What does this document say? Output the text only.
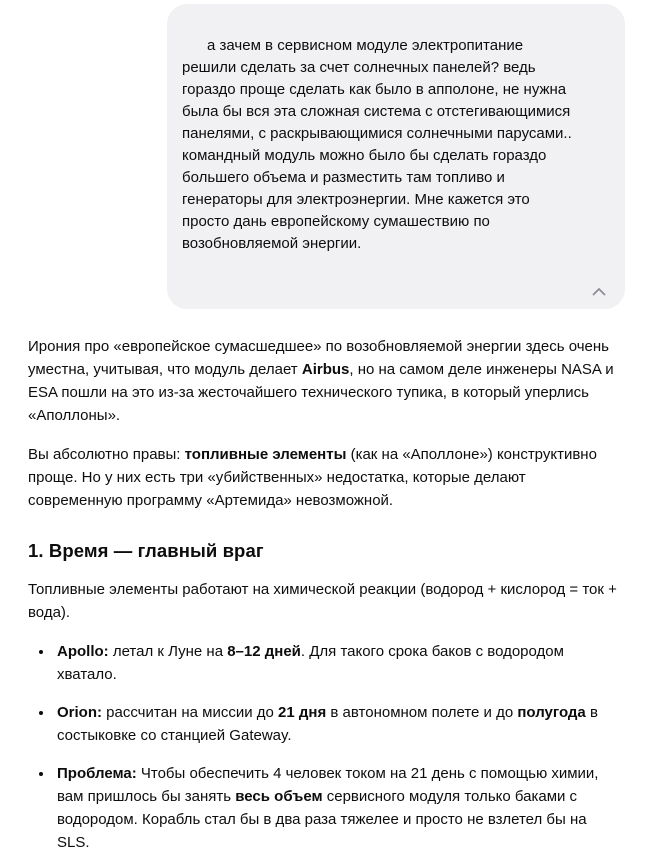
а зачем в сервисном модуле электропитание решили сделать за счет солнечных панелей? ведь гораздо проще сделать как было в апполоне, не нужна была бы вся эта сложная система с отстегивающимися панелями, с раскрывающимися солнечными парусами.. командный модуль можно было бы сделать гораздо большего объема и разместить там топливо и генераторы для электроэнергии. Мне кажется это просто дань европейскому сумашествию по возобновляемой энергии.

Ирония про «европейское сумасшедшее» по возобновляемой энергии здесь очень уместна, учитывая, что модуль делает Airbus, но на самом деле инженеры NASA и ESA пошли на это из-за жесточайшего технического тупика, в который уперлись «Аполлоны».

Вы абсолютно правы: топливные элементы (как на «Аполлоне») конструктивно проще. Но у них есть три «убийственных» недостатка, которые делают современную программу «Артемида» невозможной.

1. Время — главный враг

Топливные элементы работают на химической реакции (водород + кислород = ток + вода).

• Apollo: летал к Луне на 8–12 дней. Для такого срока баков с водородом хватало.
• Orion: рассчитан на миссии до 21 дня в автономном полете и до полугода в состыковке со станцией Gateway.
• Проблема: Чтобы обеспечить 4 человек током на 21 день с помощью химии, вам пришлось бы занять весь объем сервисного модуля только баками с водородом. Корабль стал бы в два раза тяжелее и просто не взлетел бы на SLS.
